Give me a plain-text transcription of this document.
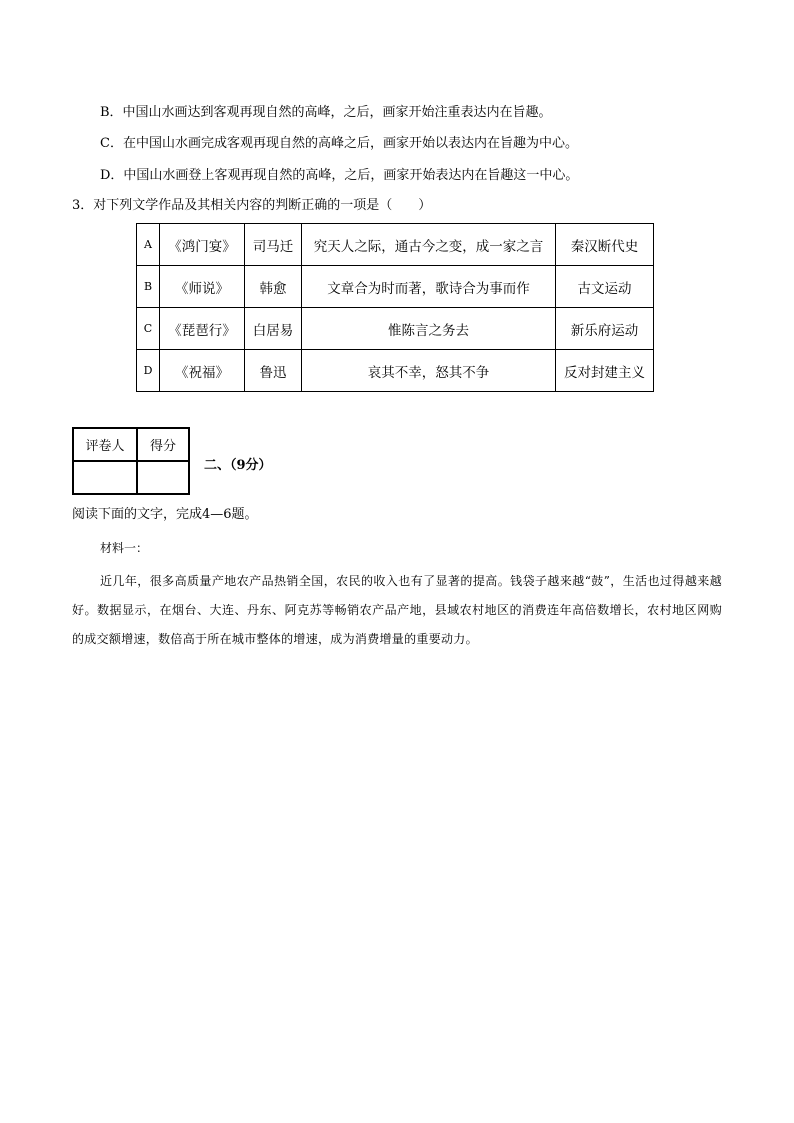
B．中国山水画达到客观再现自然的高峰，之后，画家开始注重表达内在旨趣。
C．在中国山水画完成客观再现自然的高峰之后，画家开始以表达内在旨趣为中心。
D．中国山水画登上客观再现自然的高峰，之后，画家开始表达内在旨趣这一中心。
3．对下列文学作品及其相关内容的判断正确的一项是（　　）
A	《鸿门宴》	司马迁	究天人之际，通古今之变，成一家之言	秦汉断代史
B	《师说》	韩愈	文章合为时而著，歌诗合为事而作	古文运动
C	《琵琶行》	白居易	惟陈言之务去	新乐府运动
D	《祝福》	鲁迅	哀其不幸，怒其不争	反对封建主义
评卷人	得分

二、（9分）
阅读下面的文字，完成4—6题。
材料一：
近几年，很多高质量产地农产品热销全国，农民的收入也有了显著的提高。钱袋子越来越“鼓”，生活也过得越来越好。数据显示，在烟台、大连、丹东、阿克苏等畅销农产品产地，县域农村地区的消费连年高倍数增长，农村地区网购的成交额增速，数倍高于所在城市整体的增速，成为消费增量的重要动力。
